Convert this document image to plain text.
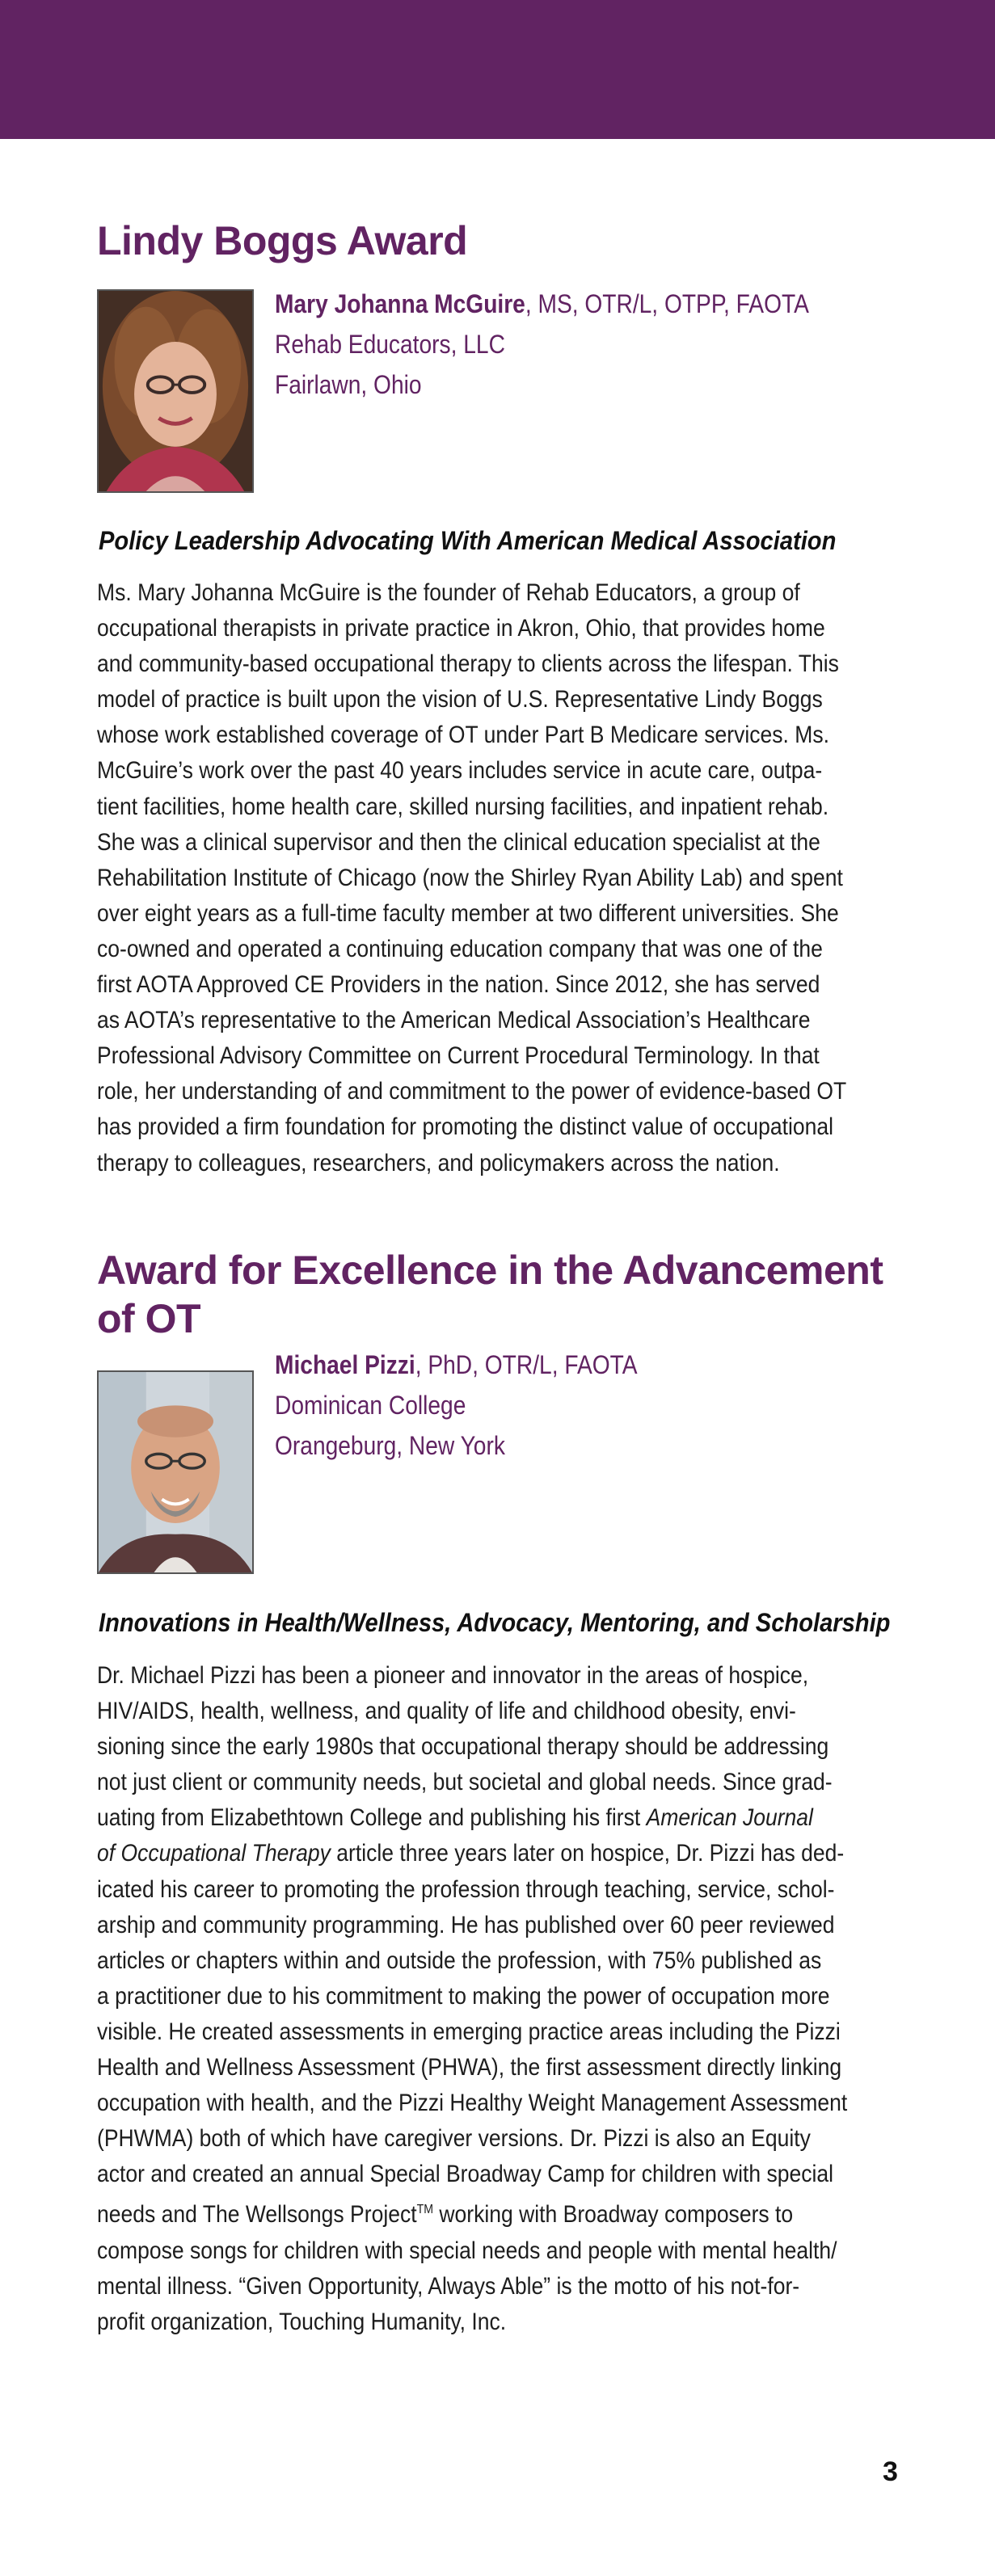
Lindy Boggs Award
Mary Johanna McGuire, MS, OTR/L, OTPP, FAOTA
Rehab Educators, LLC
Fairlawn, Ohio
Policy Leadership Advocating With American Medical Association
Ms. Mary Johanna McGuire is the founder of Rehab Educators, a group of
occupational therapists in private practice in Akron, Ohio, that provides home
and community-based occupational therapy to clients across the lifespan. This
model of practice is built upon the vision of U.S. Representative Lindy Boggs
whose work established coverage of OT under Part B Medicare services. Ms.
McGuire’s work over the past 40 years includes service in acute care, outpa-
tient facilities, home health care, skilled nursing facilities, and inpatient rehab.
She was a clinical supervisor and then the clinical education specialist at the
Rehabilitation Institute of Chicago (now the Shirley Ryan Ability Lab) and spent
over eight years as a full-time faculty member at two different universities. She
co-owned and operated a continuing education company that was one of the
first AOTA Approved CE Providers in the nation. Since 2012, she has served
as AOTA’s representative to the American Medical Association’s Healthcare
Professional Advisory Committee on Current Procedural Terminology. In that
role, her understanding of and commitment to the power of evidence-based OT
has provided a firm foundation for promoting the distinct value of occupational
therapy to colleagues, researchers, and policymakers across the nation.
Award for Excellence in the Advancement
of OT
Michael Pizzi, PhD, OTR/L, FAOTA
Dominican College
Orangeburg, New York
Innovations in Health/Wellness, Advocacy, Mentoring, and Scholarship
Dr. Michael Pizzi has been a pioneer and innovator in the areas of hospice,
HIV/AIDS, health, wellness, and quality of life and childhood obesity, envi-
sioning since the early 1980s that occupational therapy should be addressing
not just client or community needs, but societal and global needs. Since grad-
uating from Elizabethtown College and publishing his first American Journal
of Occupational Therapy article three years later on hospice, Dr. Pizzi has ded-
icated his career to promoting the profession through teaching, service, schol-
arship and community programming. He has published over 60 peer reviewed
articles or chapters within and outside the profession, with 75% published as
a practitioner due to his commitment to making the power of occupation more
visible. He created assessments in emerging practice areas including the Pizzi
Health and Wellness Assessment (PHWA), the first assessment directly linking
occupation with health, and the Pizzi Healthy Weight Management Assessment
(PHWMA) both of which have caregiver versions. Dr. Pizzi is also an Equity
actor and created an annual Special Broadway Camp for children with special
needs and The Wellsongs Project™ working with Broadway composers to
compose songs for children with special needs and people with mental health/
mental illness. “Given Opportunity, Always Able” is the motto of his not-for-
profit organization, Touching Humanity, Inc.
3
